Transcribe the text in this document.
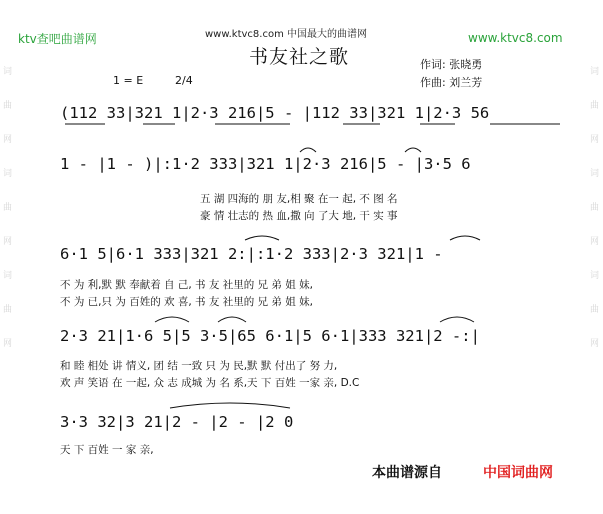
ktv查吧曲谱网	www.ktvc8.com 中国最大的曲谱网	www.ktvc8.com
书友社之歌	作词: 张晓勇
作曲: 刘兰芳
1 = E	2/4
词曲网词曲网词曲网
词曲网词曲网词曲网
(112 33|321 1|2·3 216|5 - |112 33|321 1|2·3 56
1 - |1 - )|:1·2 333|321 1|2·3 216|5 - |3·5 6
五 湖 四海的 朋 友,相 聚 在一 起, 不 图 名
豪 情 壮志的 热 血,撒 向 了大 地, 干 实 事
6·1 5|6·1 333|321 2:|:1·2 333|2·3 321|1 -
不 为 利,默 默 奉献着 自 己, 书 友 社里的 兄 弟 姐 妹,
不 为 已,只 为 百姓的 欢 喜, 书 友 社里的 兄 弟 姐 妹,
2·3 21|1·6 5|5 3·5|65 6·1|5 6·1|333 321|2 -:|
和 睦 相处 讲 情义, 团 结 一致 只 为 民,默 默 付出了 努 力,
欢 声 笑语 在 一起, 众 志 成城 为 名 系,天 下 百姓 一家 亲, D.C
3·3 32|3 21|2 - |2 - |2 0
天 下 百姓 一 家 亲,
本曲谱源自	中国词曲网
